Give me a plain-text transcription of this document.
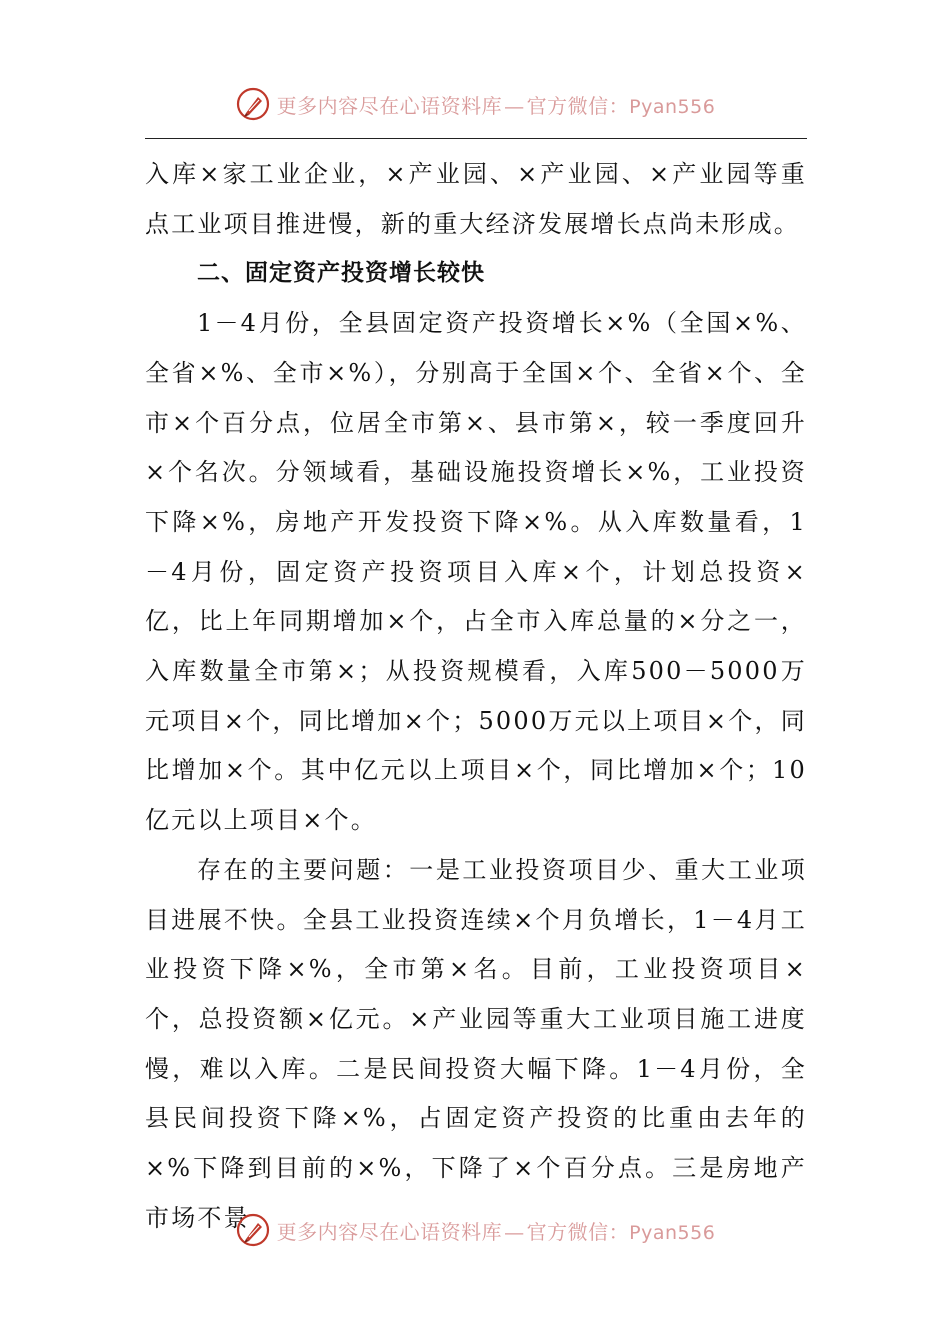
更多内容尽在心语资料库 — 官方微信：Pyan556

入库×家工业企业，×产业园、×产业园、×产业园等重点工业项目推进慢，新的重大经济发展增长点尚未形成。

二、固定资产投资增长较快

1－4月份，全县固定资产投资增长×%（全国×%、全省×%、全市×%），分别高于全国×个、全省×个、全市×个百分点，位居全市第×、县市第×，较一季度回升×个名次。分领域看，基础设施投资增长×%，工业投资下降×%，房地产开发投资下降×%。从入库数量看，1－4月份，固定资产投资项目入库×个，计划总投资×亿，比上年同期增加×个，占全市入库总量的×分之一，入库数量全市第×；从投资规模看，入库500－5000万元项目×个，同比增加×个；5000万元以上项目×个，同比增加×个。其中亿元以上项目×个，同比增加×个；10亿元以上项目×个。

存在的主要问题：一是工业投资项目少、重大工业项目进展不快。全县工业投资连续×个月负增长，1－4月工业投资下降×%，全市第×名。目前，工业投资项目×个，总投资额×亿元。×产业园等重大工业项目施工进度慢，难以入库。二是民间投资大幅下降。1－4月份，全县民间投资下降×%，占固定资产投资的比重由去年的×%下降到目前的×%，下降了×个百分点。三是房地产市场不景	更多内容尽在心语资料库 — 官方微信：Pyan556
